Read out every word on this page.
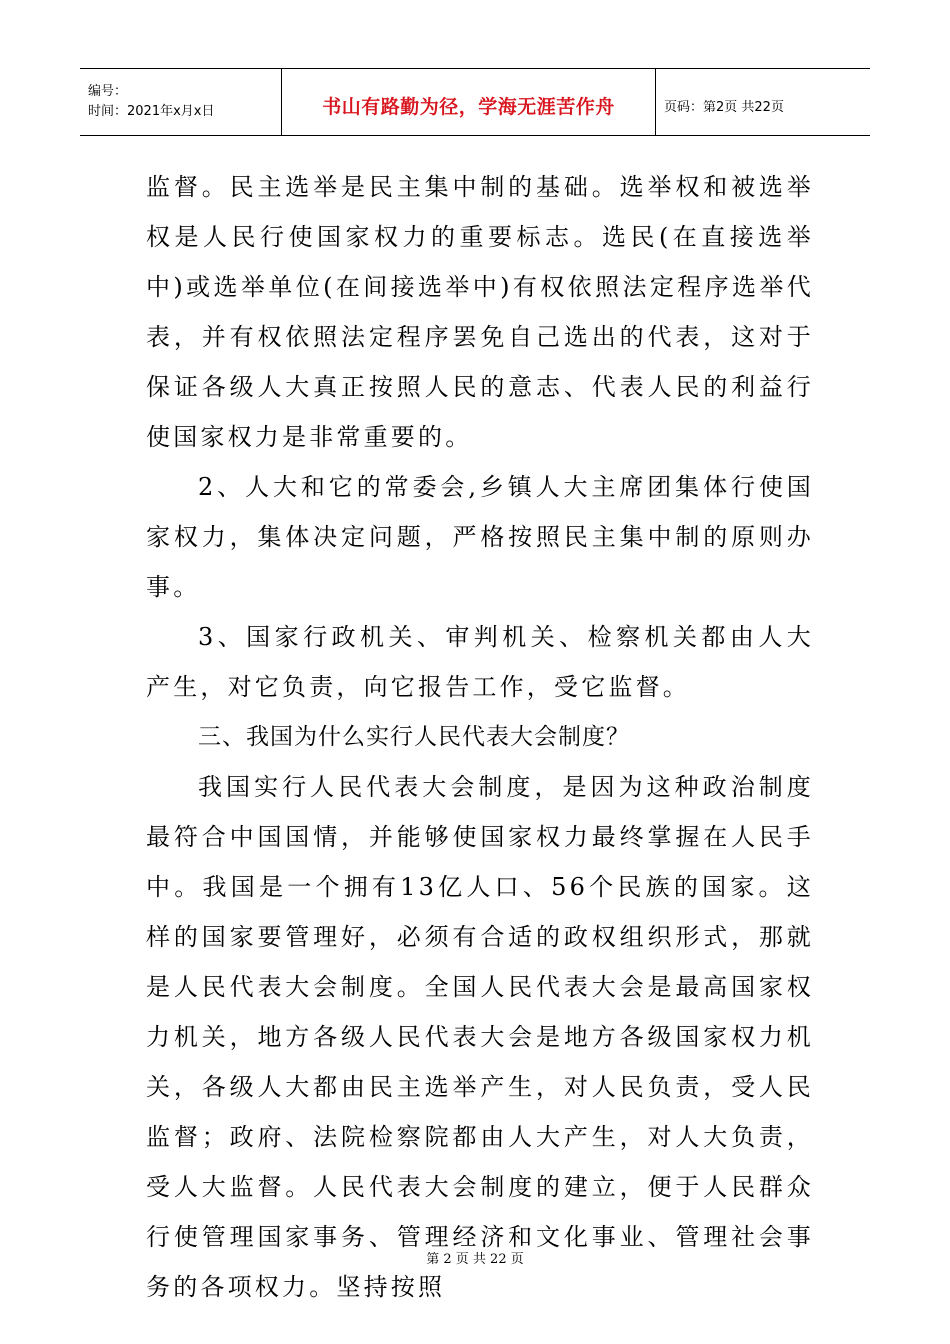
编号：
时间：2021年x月x日	书山有路勤为径，学海无涯苦作舟	页码：第2页 共22页

监督。民主选举是民主集中制的基础。选举权和被选举权是人民行使国家权力的重要标志。选民(在直接选举中)或选举单位(在间接选举中)有权依照法定程序选举代表，并有权依照法定程序罢免自己选出的代表，这对于保证各级人大真正按照人民的意志、代表人民的利益行使国家权力是非常重要的。

2、人大和它的常委会,乡镇人大主席团集体行使国家权力，集体决定问题，严格按照民主集中制的原则办事。

3、国家行政机关、审判机关、检察机关都由人大产生，对它负责，向它报告工作，受它监督。

三、我国为什么实行人民代表大会制度？

我国实行人民代表大会制度，是因为这种政治制度最符合中国国情，并能够使国家权力最终掌握在人民手中。我国是一个拥有13亿人口、56个民族的国家。这样的国家要管理好，必须有合适的政权组织形式，那就是人民代表大会制度。全国人民代表大会是最高国家权力机关，地方各级人民代表大会是地方各级国家权力机关，各级人大都由民主选举产生，对人民负责，受人民监督；政府、法院检察院都由人大产生，对人大负责，受人大监督。人民代表大会制度的建立，便于人民群众行使管理国家事务、管理经济和文化事业、管理社会事务的各项权力。坚持按照

第 2 页 共 22 页
